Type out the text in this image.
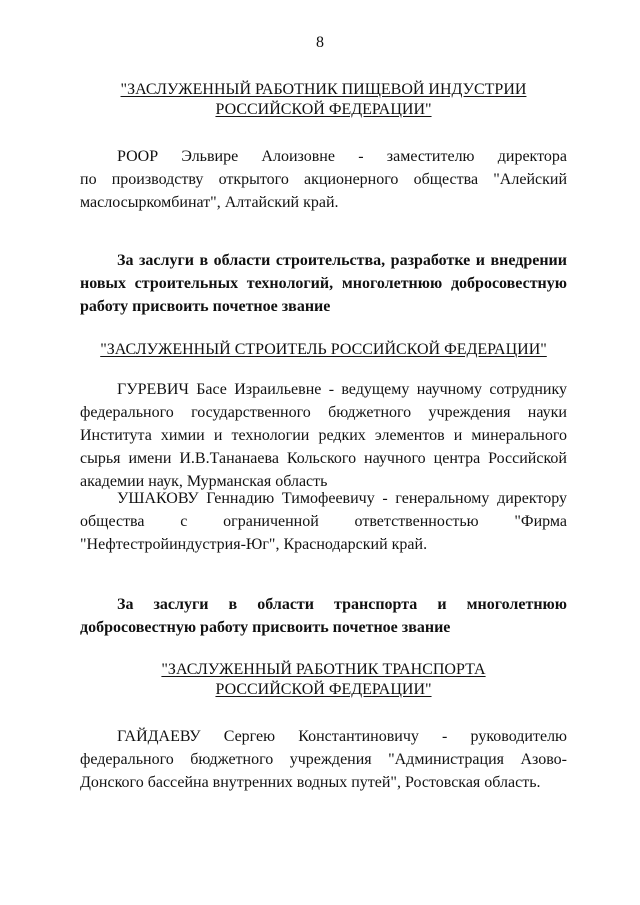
8
"ЗАСЛУЖЕННЫЙ РАБОТНИК ПИЩЕВОЙ ИНДУСТРИИ
РОССИЙСКОЙ ФЕДЕРАЦИИ"
РООР Эльвире Алоизовне - заместителю директора
по производству открытого акционерного общества "Алейский
маслосыркомбинат", Алтайский край.
За заслуги в области строительства, разработке и внедрении
новых строительных технологий, многолетнюю добросовестную
работу присвоить почетное звание
"ЗАСЛУЖЕННЫЙ СТРОИТЕЛЬ РОССИЙСКОЙ ФЕДЕРАЦИИ"
ГУРЕВИЧ Басе Израильевне - ведущему научному сотруднику
федерального государственного бюджетного учреждения науки
Института химии и технологии редких элементов и минерального
сырья имени И.В.Тананаева Кольского научного центра Российской
академии наук, Мурманская область
УШАКОВУ Геннадию Тимофеевичу - генеральному директору
общества с ограниченной ответственностью "Фирма
"Нефтестройиндустрия-Юг", Краснодарский край.
За заслуги в области транспорта и многолетнюю
добросовестную работу присвоить почетное звание
"ЗАСЛУЖЕННЫЙ РАБОТНИК ТРАНСПОРТА
РОССИЙСКОЙ ФЕДЕРАЦИИ"
ГАЙДАЕВУ Сергею Константиновичу - руководителю
федерального бюджетного учреждения "Администрация Азово-
Донского бассейна внутренних водных путей", Ростовская область.
